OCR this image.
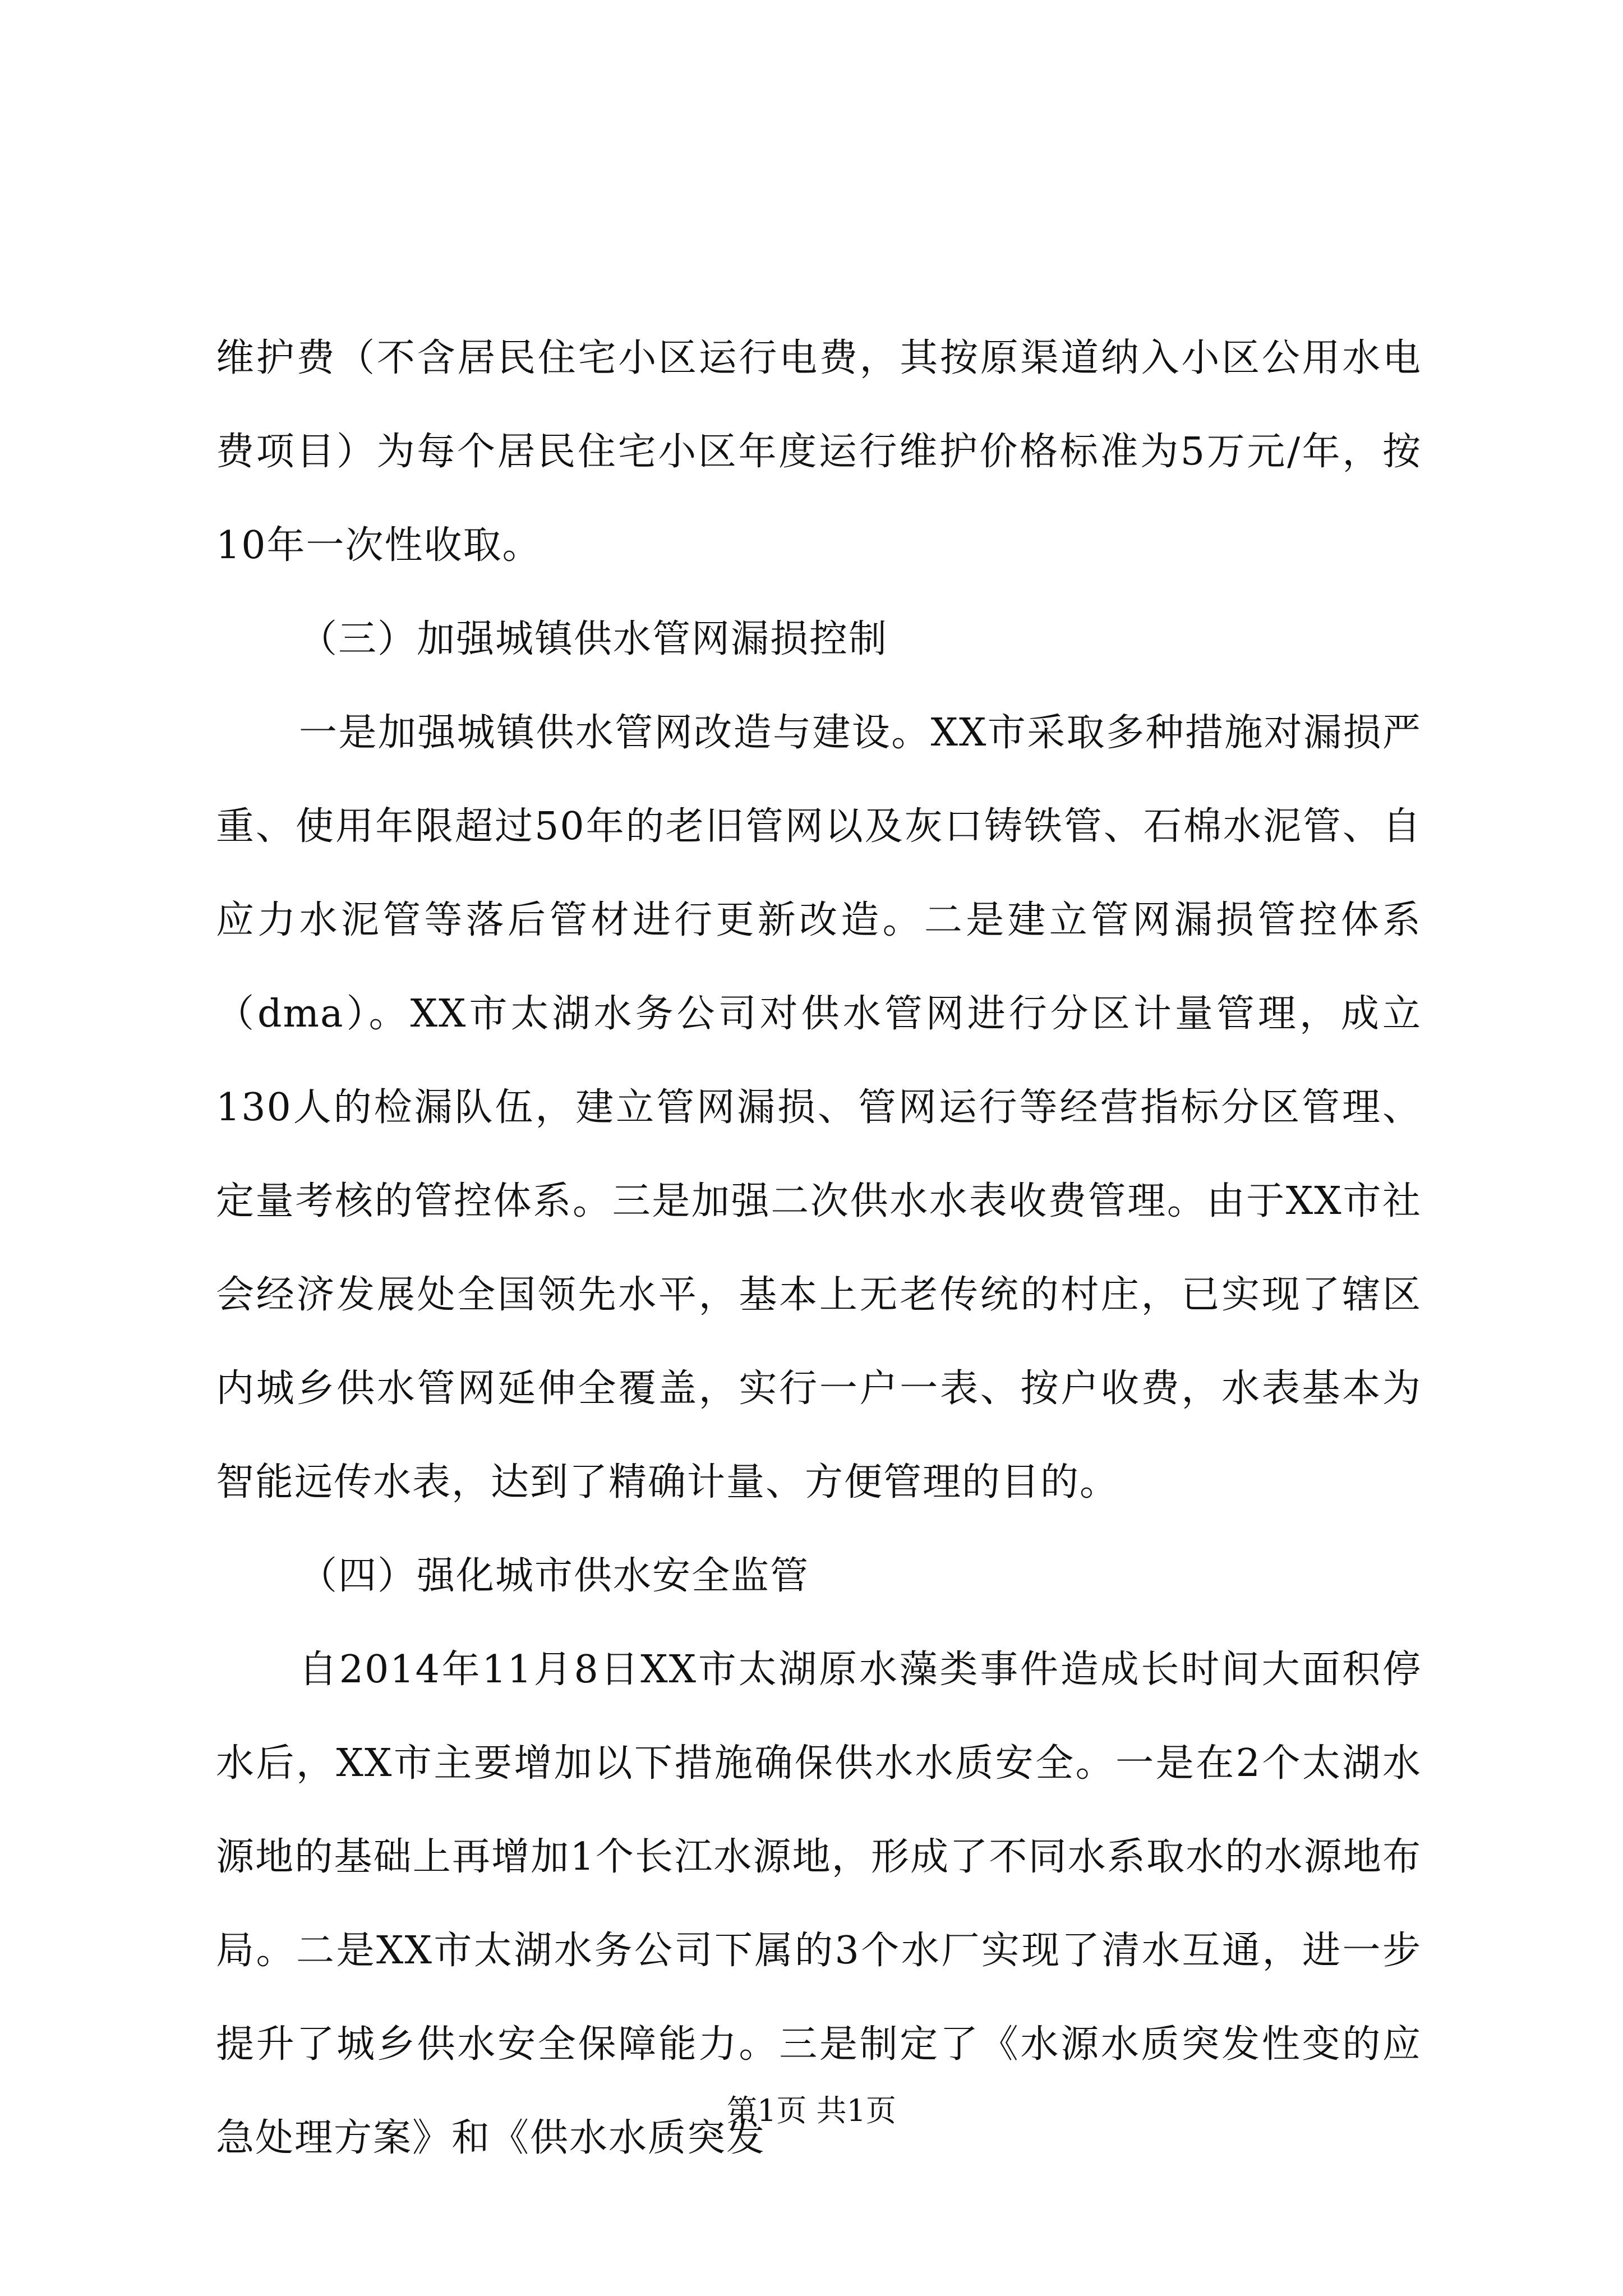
维护费（不含居民住宅小区运行电费，其按原渠道纳入小区公用水电费项目）为每个居民住宅小区年度运行维护价格标准为5万元/年，按10年一次性收取。

（三）加强城镇供水管网漏损控制

一是加强城镇供水管网改造与建设。XX市采取多种措施对漏损严重、使用年限超过50年的老旧管网以及灰口铸铁管、石棉水泥管、自应力水泥管等落后管材进行更新改造。二是建立管网漏损管控体系（dma）。XX市太湖水务公司对供水管网进行分区计量管理，成立130人的检漏队伍，建立管网漏损、管网运行等经营指标分区管理、定量考核的管控体系。三是加强二次供水水表收费管理。由于XX市社会经济发展处全国领先水平，基本上无老传统的村庄，已实现了辖区内城乡供水管网延伸全覆盖，实行一户一表、按户收费，水表基本为智能远传水表，达到了精确计量、方便管理的目的。

（四）强化城市供水安全监管

自2014年11月8日XX市太湖原水藻类事件造成长时间大面积停水后，XX市主要增加以下措施确保供水水质安全。一是在2个太湖水源地的基础上再增加1个长江水源地，形成了不同水系取水的水源地布局。二是XX市太湖水务公司下属的3个水厂实现了清水互通，进一步提升了城乡供水安全保障能力。三是制定了《水源水质突发性变的应急处理方案》和《供水水质突发

第1页 共1页
